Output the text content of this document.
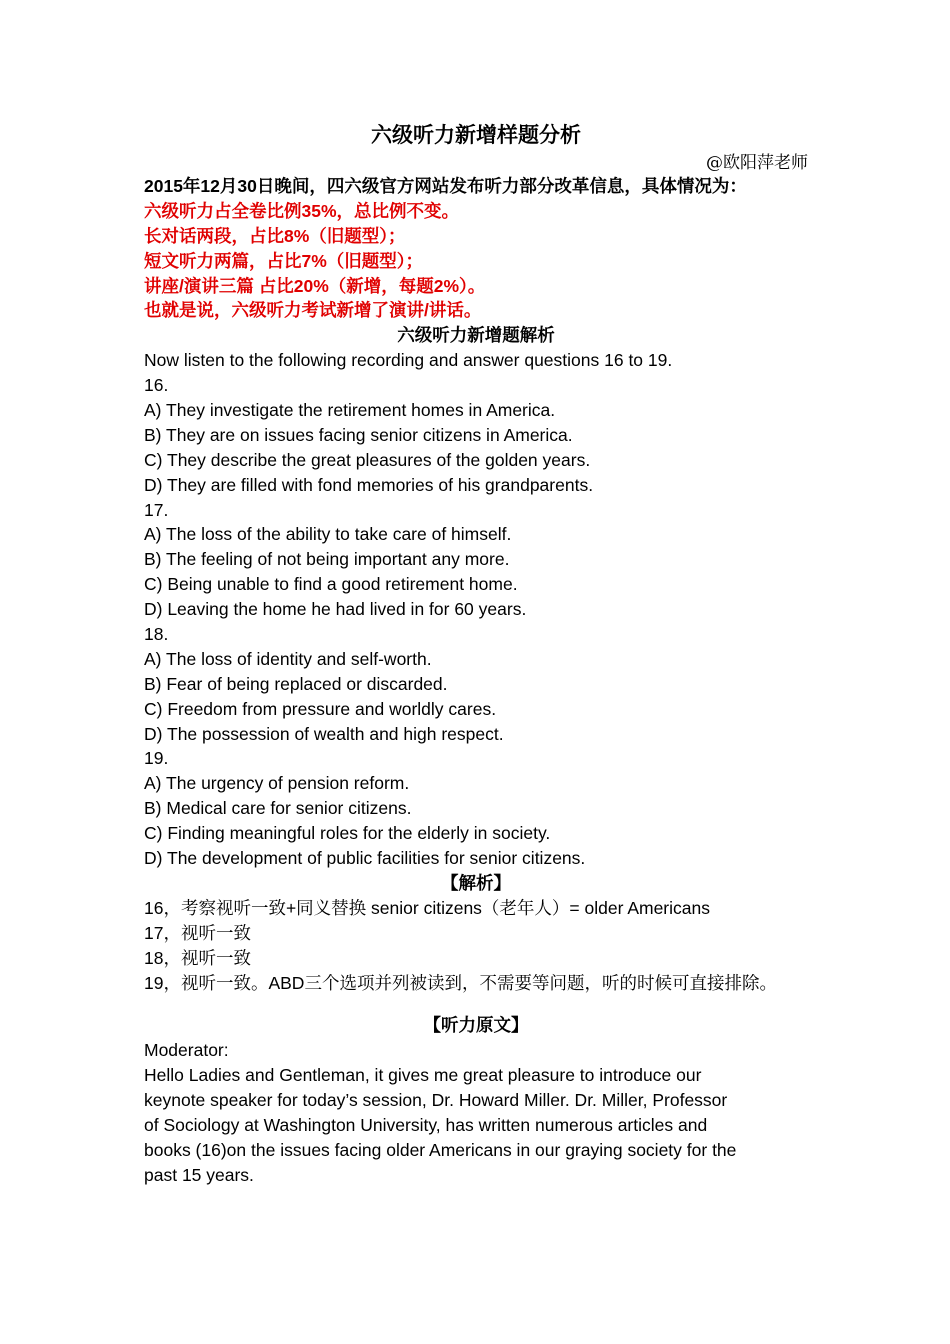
六级听力新增样题分析
@欧阳萍老师
2015年12月30日晚间，四六级官方网站发布听力部分改革信息，具体情况为：
六级听力占全卷比例35%，总比例不变。
长对话两段，占比8%（旧题型）；
短文听力两篇，占比7%（旧题型）；
讲座/演讲三篇 占比20%（新增，每题2%）。
也就是说，六级听力考试新增了演讲/讲话。
六级听力新增题解析
Now listen to the following recording and answer questions 16 to 19.
16.
A) They investigate the retirement homes in America.
B) They are on issues facing senior citizens in America.
C) They describe the great pleasures of the golden years.
D) They are filled with fond memories of his grandparents.
17.
A) The loss of the ability to take care of himself.
B) The feeling of not being important any more.
C) Being unable to find a good retirement home.
D) Leaving the home he had lived in for 60 years.
18.
A) The loss of identity and self-worth.
B) Fear of being replaced or discarded.
C) Freedom from pressure and worldly cares.
D) The possession of wealth and high respect.
19.
A) The urgency of pension reform.
B) Medical care for senior citizens.
C) Finding meaningful roles for the elderly in society.
D) The development of public facilities for senior citizens.
【解析】
16，考察视听一致+同义替换 senior citizens（老年人）= older Americans
17，视听一致
18，视听一致
19，视听一致。ABD三个选项并列被读到，不需要等问题，听的时候可直接排除。
【听力原文】
Moderator:
Hello Ladies and Gentleman, it gives me great pleasure to introduce our
keynote speaker for today’s session, Dr. Howard Miller. Dr. Miller, Professor
of Sociology at Washington University, has written numerous articles and
books (16)on the issues facing older Americans in our graying society for the
past 15 years.
